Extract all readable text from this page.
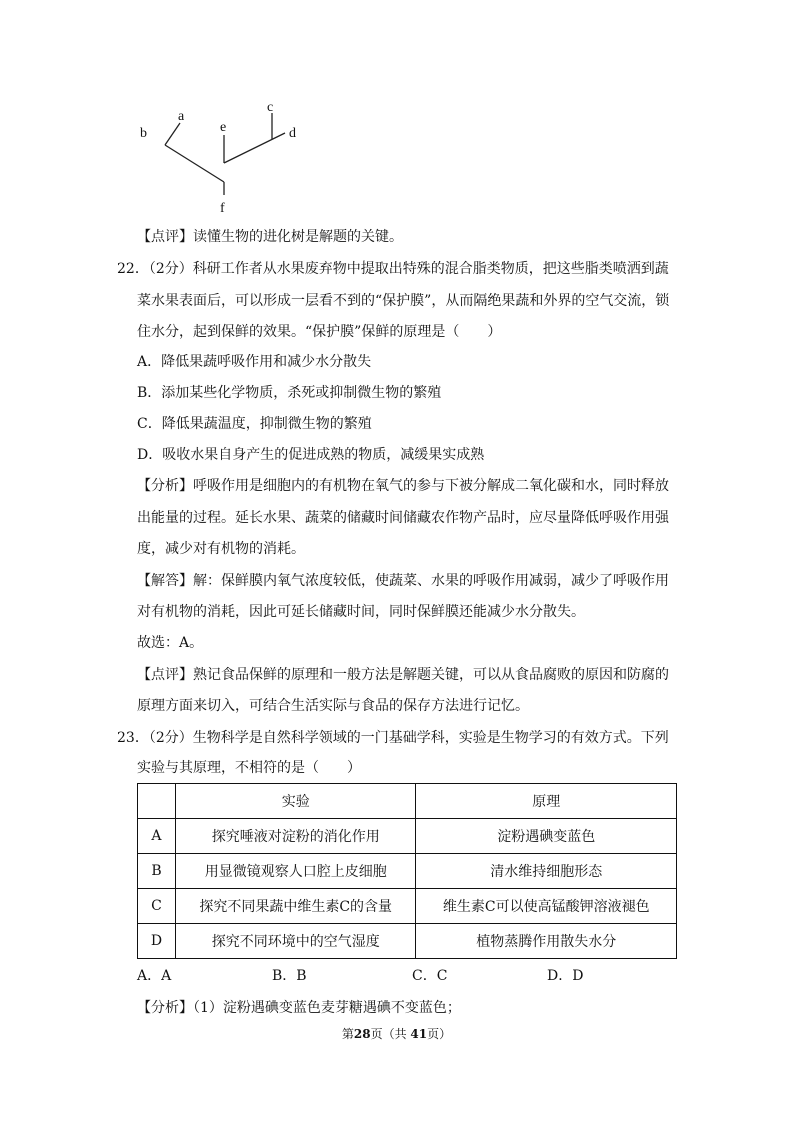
b
a
e
c
d
f
【点评】读懂生物的进化树是解题的关键。
22．（2分）科研工作者从水果废弃物中提取出特殊的混合脂类物质，把这些脂类喷洒到蔬
菜水果表面后，可以形成一层看不到的“保护膜”，从而隔绝果蔬和外界的空气交流，锁
住水分，起到保鲜的效果。“保护膜”保鲜的原理是（　　）
A．降低果蔬呼吸作用和减少水分散失
B．添加某些化学物质，杀死或抑制微生物的繁殖
C．降低果蔬温度，抑制微生物的繁殖
D．吸收水果自身产生的促进成熟的物质，减缓果实成熟
【分析】呼吸作用是细胞内的有机物在氧气的参与下被分解成二氧化碳和水，同时释放
出能量的过程。延长水果、蔬菜的储藏时间储藏农作物产品时，应尽量降低呼吸作用强
度，减少对有机物的消耗。
【解答】解：保鲜膜内氧气浓度较低，使蔬菜、水果的呼吸作用减弱，减少了呼吸作用
对有机物的消耗，因此可延长储藏时间，同时保鲜膜还能减少水分散失。
故选：A。
【点评】熟记食品保鲜的原理和一般方法是解题关键，可以从食品腐败的原因和防腐的
原理方面来切入，可结合生活实际与食品的保存方法进行记忆。
23．（2分）生物科学是自然科学领域的一门基础学科，实验是生物学习的有效方式。下列
实验与其原理，不相符的是（　　）
	实验	原理
A	探究唾液对淀粉的消化作用	淀粉遇碘变蓝色
B	用显微镜观察人口腔上皮细胞	清水维持细胞形态
C	探究不同果蔬中维生素C的含量	维生素C可以使高锰酸钾溶液褪色
D	探究不同环境中的空气湿度	植物蒸腾作用散失水分
A．A	B．B	C．C	D．D
【分析】（1）淀粉遇碘变蓝色麦芽糖遇碘不变蓝色；
第28页（共 41页）
